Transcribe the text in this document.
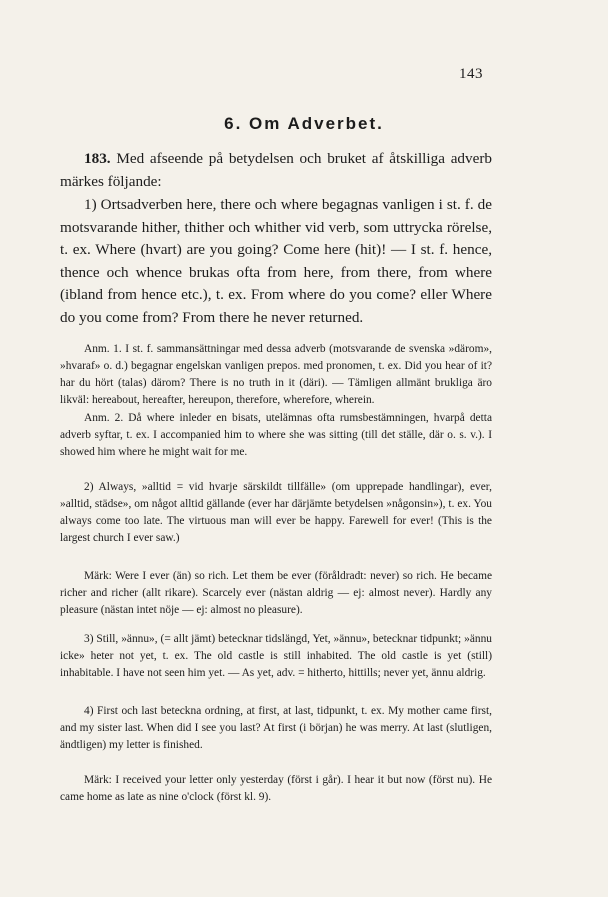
143
6. Om Adverbet.

183. Med afseende på betydelsen och bruket af åtskilliga adverb märkes följande:

1) Ortsadverben here, there och where begagnas vanligen i st. f. de motsvarande hither, thither och whither vid verb, som uttrycka rörelse, t. ex. Where (hvart) are you going? Come here (hit)! — I st. f. hence, thence och whence brukas ofta from here, from there, from where (ibland from hence etc.), t. ex. From where do you come? eller Where do you come from? From there he never returned.

Anm. 1. I st. f. sammansättningar med dessa adverb (motsvarande de svenska »därom», »hvaraf» o. d.) begagnar engelskan vanligen prepos. med pronomen, t. ex. Did you hear of it? har du hört (talas) därom? There is no truth in it (däri). — Tämligen allmänt brukliga äro likväl: hereabout, hereafter, hereupon, therefore, wherefore, wherein.

Anm. 2. Då where inleder en bisats, utelämnas ofta rumsbestämningen, hvarpå detta adverb syftar, t. ex. I accompanied him to where she was sitting (till det ställe, där o. s. v.). I showed him where he might wait for me.

2) Always, »alltid = vid hvarje särskildt tillfälle» (om upprepade handlingar), ever, »alltid, städse», om något alltid gällande (ever har därjämte betydelsen »någonsin»), t. ex. You always come too late. The virtuous man will ever be happy. Farewell for ever! (This is the largest church I ever saw.)

Märk: Were I ever (än) so rich. Let them be ever (föråldradt: never) so rich. He became richer and richer (allt rikare). Scarcely ever (nästan aldrig — ej: almost never). Hardly any pleasure (nästan intet nöje — ej: almost no pleasure).

3) Still, »ännu», (= allt jämt) betecknar tidslängd, Yet, »ännu», betecknar tidpunkt; »ännu icke» heter not yet, t. ex. The old castle is still inhabited. The old castle is yet (still) inhabitable. I have not seen him yet. — As yet, adv. = hitherto, hittills; never yet, ännu aldrig.

4) First och last beteckna ordning, at first, at last, tidpunkt, t. ex. My mother came first, and my sister last. When did I see you last? At first (i början) he was merry. At last (slutligen, ändtligen) my letter is finished.

Märk: I received your letter only yesterday (först i går). I hear it but now (först nu). He came home as late as nine o'clock (först kl. 9).
